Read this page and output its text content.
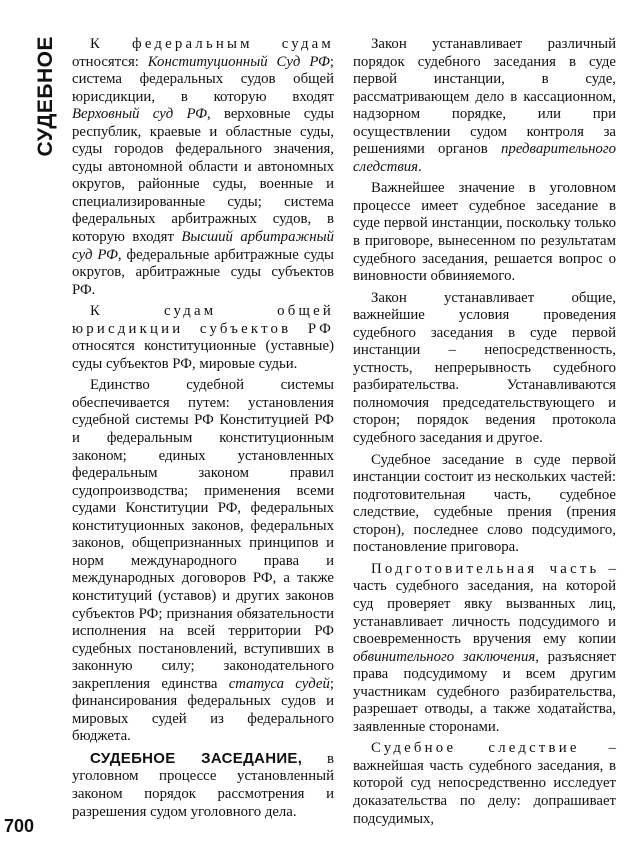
СУДЕБНОЕ
700

К федеральным судам относятся: Конституционный Суд РФ; система федеральных судов общей юрисдикции, в которую входят Верховный суд РФ, верховные суды республик, краевые и областные суды, суды городов федерального значения, суды автономной области и автономных округов, районные суды, военные и специализированные суды; система федеральных арбитражных судов, в которую входят Высший арбитражный суд РФ, федеральные арбитражные суды округов, арбитражные суды субъектов РФ.

К судам общей юрисдикции субъектов РФ относятся конституционные (уставные) суды субъектов РФ, мировые судьи.

Единство судебной системы обеспечивается путем: установления судебной системы РФ Конституцией РФ и федеральным конституционным законом; единых установленных федеральным законом правил судопроизводства; применения всеми судами Конституции РФ, федеральных конституционных законов, федеральных законов, общепризнанных принципов и норм международного права и международных договоров РФ, а также конституций (уставов) и других законов субъектов РФ; признания обязательности исполнения на всей территории РФ судебных постановлений, вступивших в законную силу; законодательного закрепления единства статуса судей; финансирования федеральных судов и мировых судей из федерального бюджета.

СУДЕБНОЕ ЗАСЕДАНИЕ, в уголовном процессе установленный законом порядок рассмотрения и разрешения судом уголовного дела.

Закон устанавливает различный порядок судебного заседания в суде первой инстанции, в суде, рассматривающем дело в кассационном, надзорном порядке, или при осуществлении судом контроля за решениями органов предварительного следствия.

Важнейшее значение в уголовном процессе имеет судебное заседание в суде первой инстанции, поскольку только в приговоре, вынесенном по результатам судебного заседания, решается вопрос о виновности обвиняемого.

Закон устанавливает общие, важнейшие условия проведения судебного заседания в суде первой инстанции – непосредственность, устность, непрерывность судебного разбирательства. Устанавливаются полномочия председательствующего и сторон; порядок ведения протокола судебного заседания и другое.

Судебное заседание в суде первой инстанции состоит из нескольких частей: подготовительная часть, судебное следствие, судебные прения (прения сторон), последнее слово подсудимого, постановление приговора.

Подготовительная часть – часть судебного заседания, на которой суд проверяет явку вызванных лиц, устанавливает личность подсудимого и своевременность вручения ему копии обвинительного заключения, разъясняет права подсудимому и всем другим участникам судебного разбирательства, разрешает отводы, а также ходатайства, заявленные сторонами.

Судебное следствие – важнейшая часть судебного заседания, в которой суд непосредственно исследует доказательства по делу: допрашивает подсудимых,
